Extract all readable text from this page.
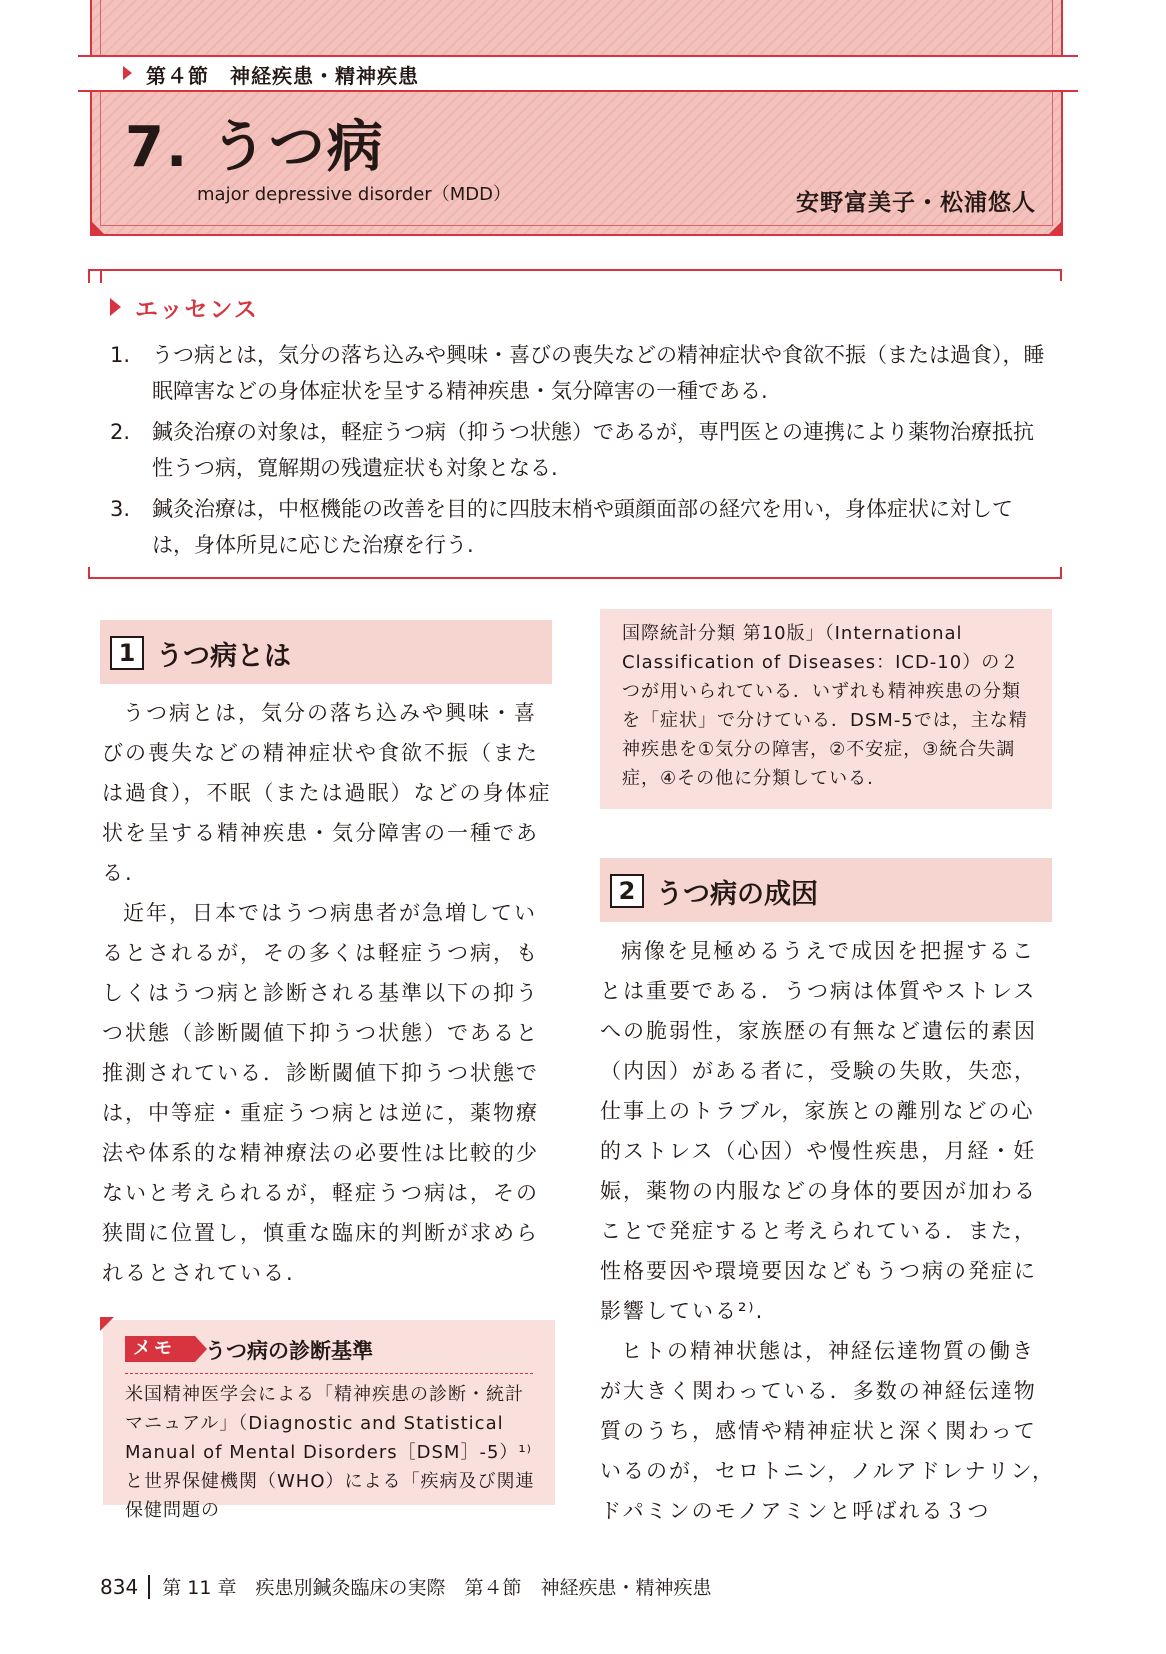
第４節　神経疾患・精神疾患
7. うつ病
major depressive disorder（MDD）	安野富美子・松浦悠人
エッセンス
1. うつ病とは，気分の落ち込みや興味・喜びの喪失などの精神症状や食欲不振（または過食），睡眠障害などの身体症状を呈する精神疾患・気分障害の一種である.
2. 鍼灸治療の対象は，軽症うつ病（抑うつ状態）であるが，専門医との連携により薬物治療抵抗性うつ病，寛解期の残遺症状も対象となる.
3. 鍼灸治療は，中枢機能の改善を目的に四肢末梢や頭顔面部の経穴を用い，身体症状に対しては，身体所見に応じた治療を行う.
1 うつ病とは

うつ病とは，気分の落ち込みや興味・喜びの喪失などの精神症状や食欲不振（または過食），不眠（または過眠）などの身体症状を呈する精神疾患・気分障害の一種である.

近年，日本ではうつ病患者が急増しているとされるが，その多くは軽症うつ病，もしくはうつ病と診断される基準以下の抑うつ状態（診断閾値下抑うつ状態）であると推測されている．診断閾値下抑うつ状態では，中等症・重症うつ病とは逆に，薬物療法や体系的な精神療法の必要性は比較的少ないと考えられるが，軽症うつ病は，その狭間に位置し，慎重な臨床的判断が求められるとされている.

メモ	うつ病の診断基準
米国精神医学会による「精神疾患の診断・統計マニュアル」（Diagnostic and Statistical Manual of Mental Disorders［DSM］-5）¹⁾ と世界保健機関（WHO）による「疾病及び関連保健問題の
国際統計分類 第10版」（International Classification of Diseases：ICD-10）の２つが用いられている．いずれも精神疾患の分類を「症状」で分けている．DSM-5では，主な精神疾患を①気分の障害，②不安症，③統合失調症，④その他に分類している.
2 うつ病の成因

病像を見極めるうえで成因を把握することは重要である．うつ病は体質やストレスへの脆弱性，家族歴の有無など遺伝的素因（内因）がある者に，受験の失敗，失恋，仕事上のトラブル，家族との離別などの心的ストレス（心因）や慢性疾患，月経・妊娠，薬物の内服などの身体的要因が加わることで発症すると考えられている．また，性格要因や環境要因などもうつ病の発症に影響している²⁾.

ヒトの精神状態は，神経伝達物質の働きが大きく関わっている．多数の神経伝達物質のうち，感情や精神症状と深く関わっているのが，セロトニン，ノルアドレナリン，ドパミンのモノアミンと呼ばれる３つ

834 第 11 章　疾患別鍼灸臨床の実際　第４節　神経疾患・精神疾患
